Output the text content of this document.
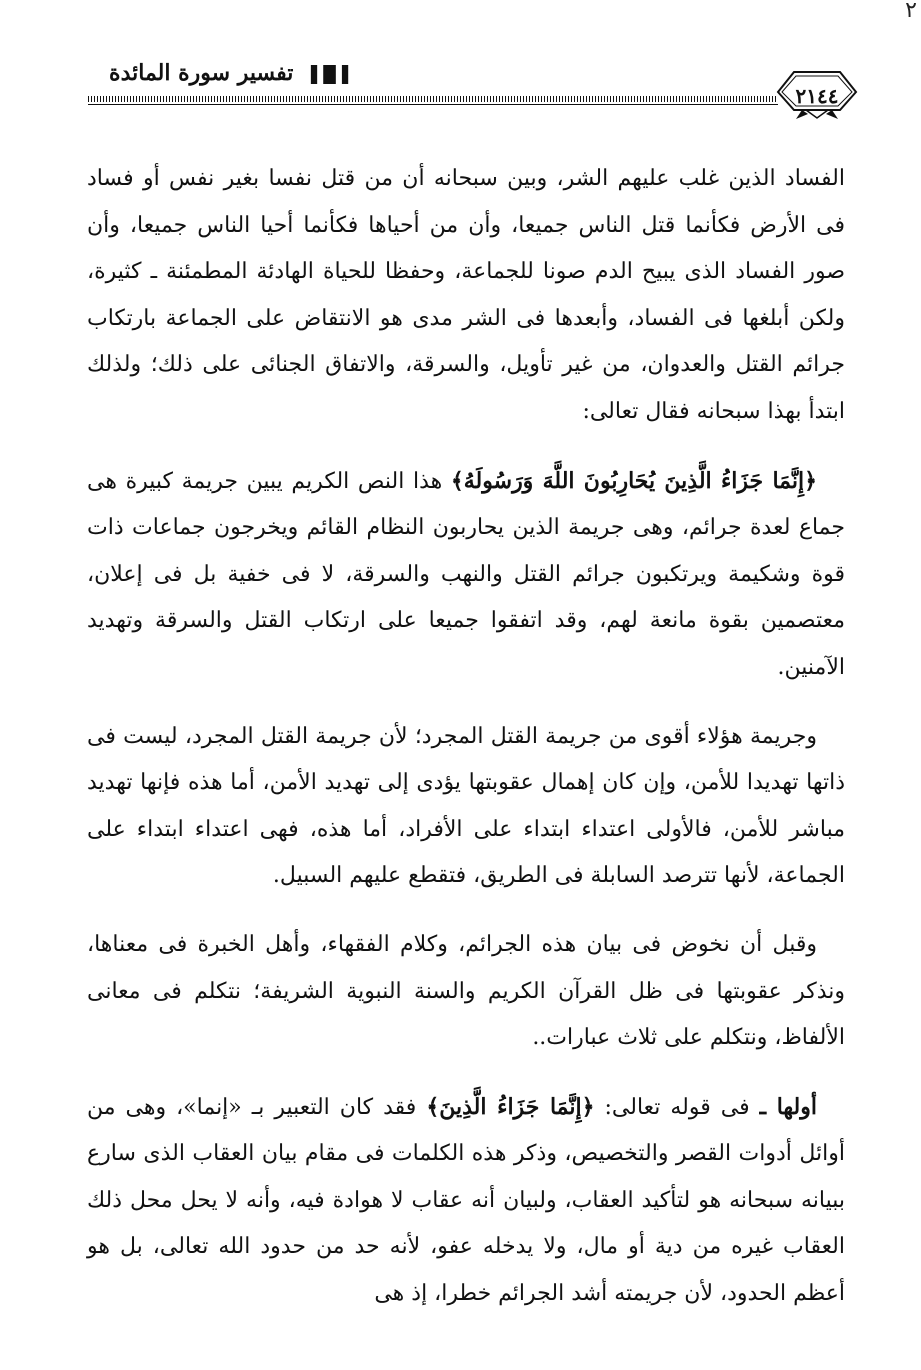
٢
▐█▌ تفسير سورة المائدة
٢١٤٤

الفساد الذين غلب عليهم الشر، وبين سبحانه أن من قتل نفسا بغير نفس أو فساد فى الأرض فكأنما قتل الناس جميعا، وأن من أحياها فكأنما أحيا الناس جميعا، وأن صور الفساد الذى يبيح الدم صونا للجماعة، وحفظا للحياة الهادئة المطمئنة ـ كثيرة، ولكن أبلغها فى الفساد، وأبعدها فى الشر مدى هو الانتقاض على الجماعة بارتكاب جرائم القتل والعدوان، من غير تأويل، والسرقة، والاتفاق الجنائى على ذلك؛ ولذلك ابتدأ بهذا سبحانه فقال تعالى:

﴿إِنَّمَا جَزَاءُ الَّذِينَ يُحَارِبُونَ اللَّهَ وَرَسُولَهُ﴾ هذا النص الكريم يبين جريمة كبيرة هى جماع لعدة جرائم، وهى جريمة الذين يحاربون النظام القائم ويخرجون جماعات ذات قوة وشكيمة ويرتكبون جرائم القتل والنهب والسرقة، لا فى خفية بل فى إعلان، معتصمين بقوة مانعة لهم، وقد اتفقوا جميعا على ارتكاب القتل والسرقة وتهديد الآمنين.

وجريمة هؤلاء أقوى من جريمة القتل المجرد؛ لأن جريمة القتل المجرد، ليست فى ذاتها تهديدا للأمن، وإن كان إهمال عقوبتها يؤدى إلى تهديد الأمن، أما هذه فإنها تهديد مباشر للأمن، فالأولى اعتداء ابتداء على الأفراد، أما هذه، فهى اعتداء ابتداء على الجماعة، لأنها تترصد السابلة فى الطريق، فتقطع عليهم السبيل.

وقبل أن نخوض فى بيان هذه الجرائم، وكلام الفقهاء، وأهل الخبرة فى معناها، ونذكر عقوبتها فى ظل القرآن الكريم والسنة النبوية الشريفة؛ نتكلم فى معانى الألفاظ، ونتكلم على ثلاث عبارات..

أولها ـ فى قوله تعالى: ﴿إِنَّمَا جَزَاءُ الَّذِينَ﴾ فقد كان التعبير بـ «إنما»، وهى من أوائل أدوات القصر والتخصيص، وذكر هذه الكلمات فى مقام بيان العقاب الذى سارع ببيانه سبحانه هو لتأكيد العقاب، ولبيان أنه عقاب لا هوادة فيه، وأنه لا يحل محل ذلك العقاب غيره من دية أو مال، ولا يدخله عفو، لأنه حد من حدود الله تعالى، بل هو أعظم الحدود، لأن جريمته أشد الجرائم خطرا، إذ هى
